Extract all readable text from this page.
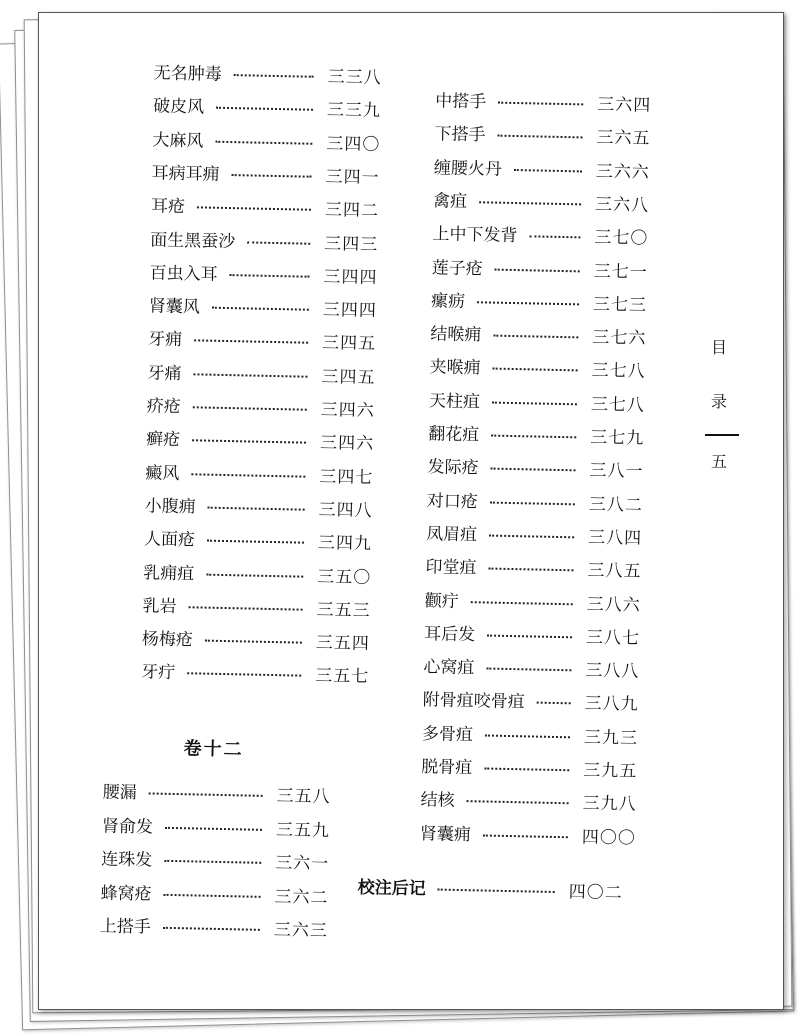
无名肿毒	三三八
破皮风	三三九
大麻风	三四〇
耳病耳痈	三四一
耳疮	三四二
面生黑蚕沙	三四三
百虫入耳	三四四
肾囊风	三四四
牙痈	三四五
牙痛	三四五
疥疮	三四六
癣疮	三四六
癜风	三四七
小腹痈	三四八
人面疮	三四九
乳痈疽	三五〇
乳岩	三五三
杨梅疮	三五四
牙疔	三五七
卷十二
腰漏	三五八
肾俞发	三五九
连珠发	三六一
蜂窝疮	三六二
上搭手	三六三
中搭手	三六四
下搭手	三六五
缠腰火丹	三六六
禽疽	三六八
上中下发背	三七〇
莲子疮	三七一
瘰疬	三七三
结喉痈	三七六
夹喉痈	三七八
天柱疽	三七八
翻花疽	三七九
发际疮	三八一
对口疮	三八二
凤眉疽	三八四
印堂疽	三八五
颧疔	三八六
耳后发	三八七
心窝疽	三八八
附骨疽咬骨疽	三八九
多骨疽	三九三
脱骨疽	三九五
结核	三九八
肾囊痈	四〇〇
校注后记	四〇二
目
录
五
